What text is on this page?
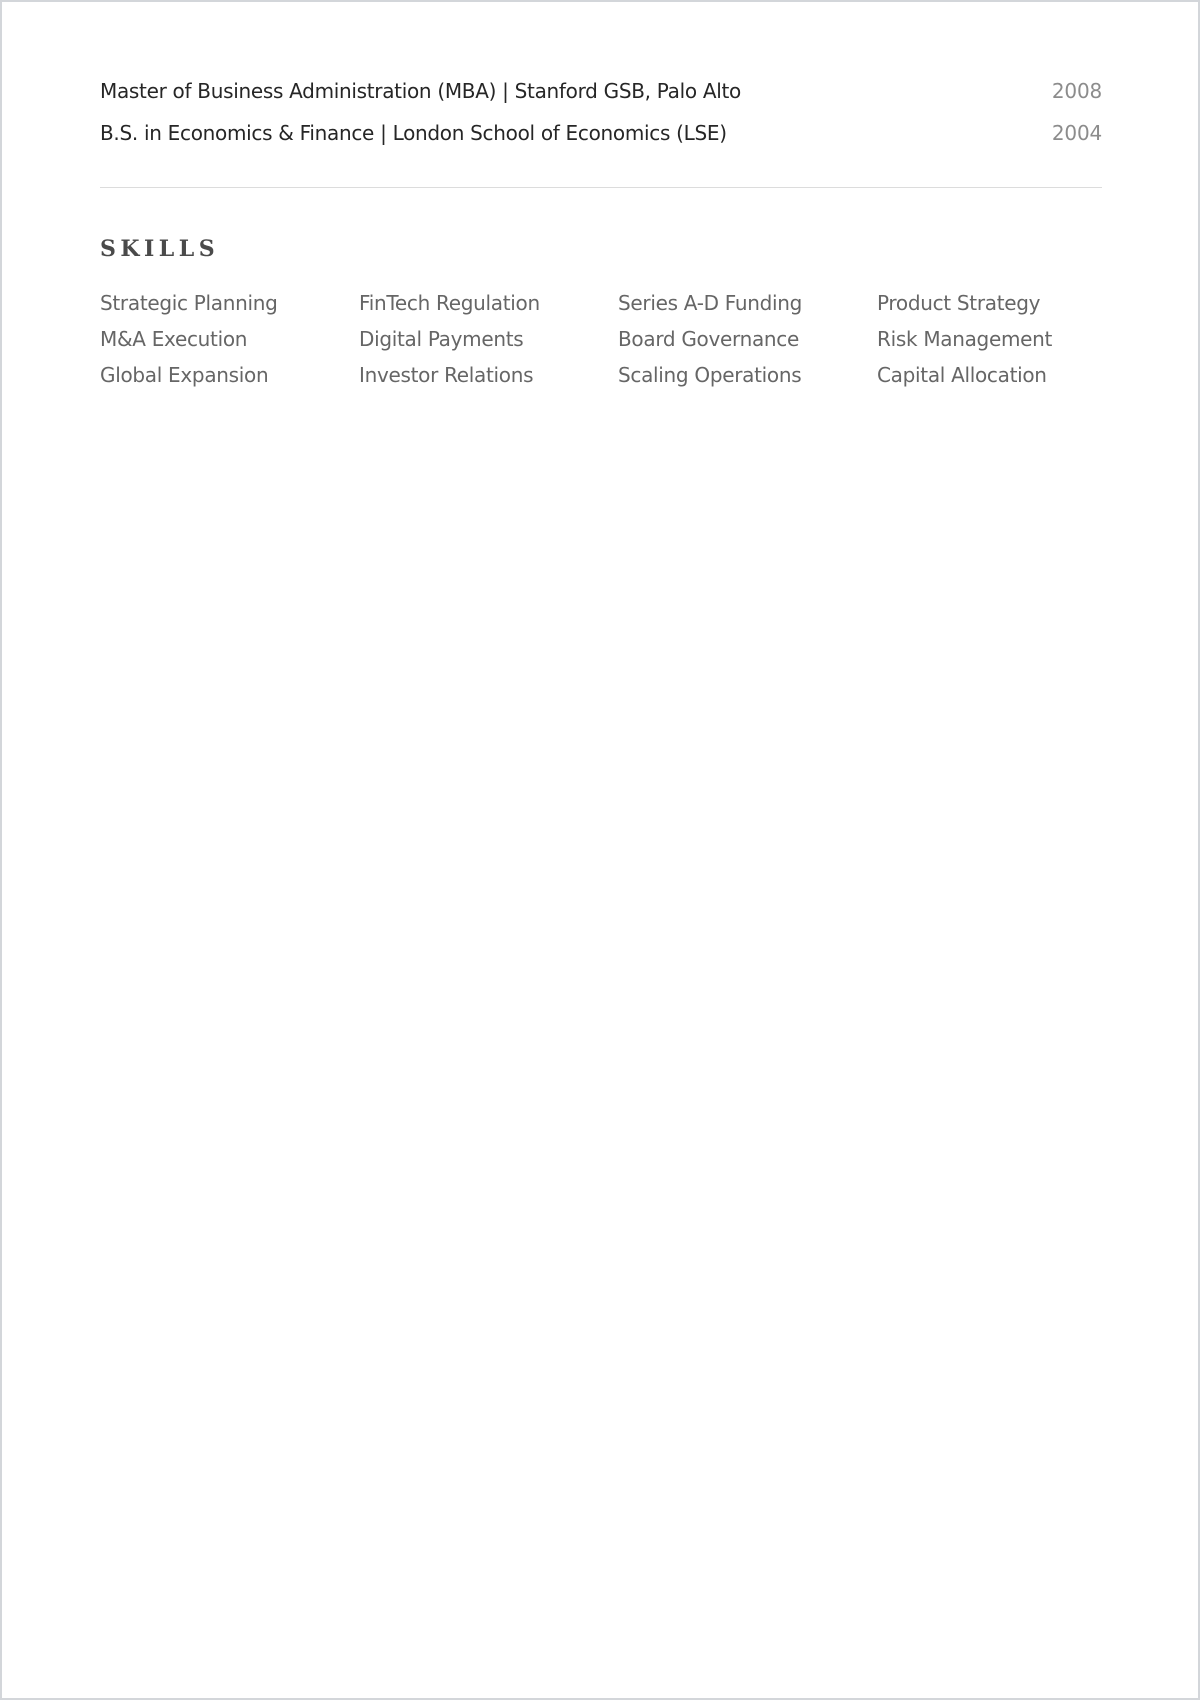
Master of Business Administration (MBA) | Stanford GSB, Palo Alto	2008
B.S. in Economics & Finance | London School of Economics (LSE)	2004
SKILLS
Strategic Planning	FinTech Regulation	Series A-D Funding	Product Strategy
M&A Execution	Digital Payments	Board Governance	Risk Management
Global Expansion	Investor Relations	Scaling Operations	Capital Allocation
